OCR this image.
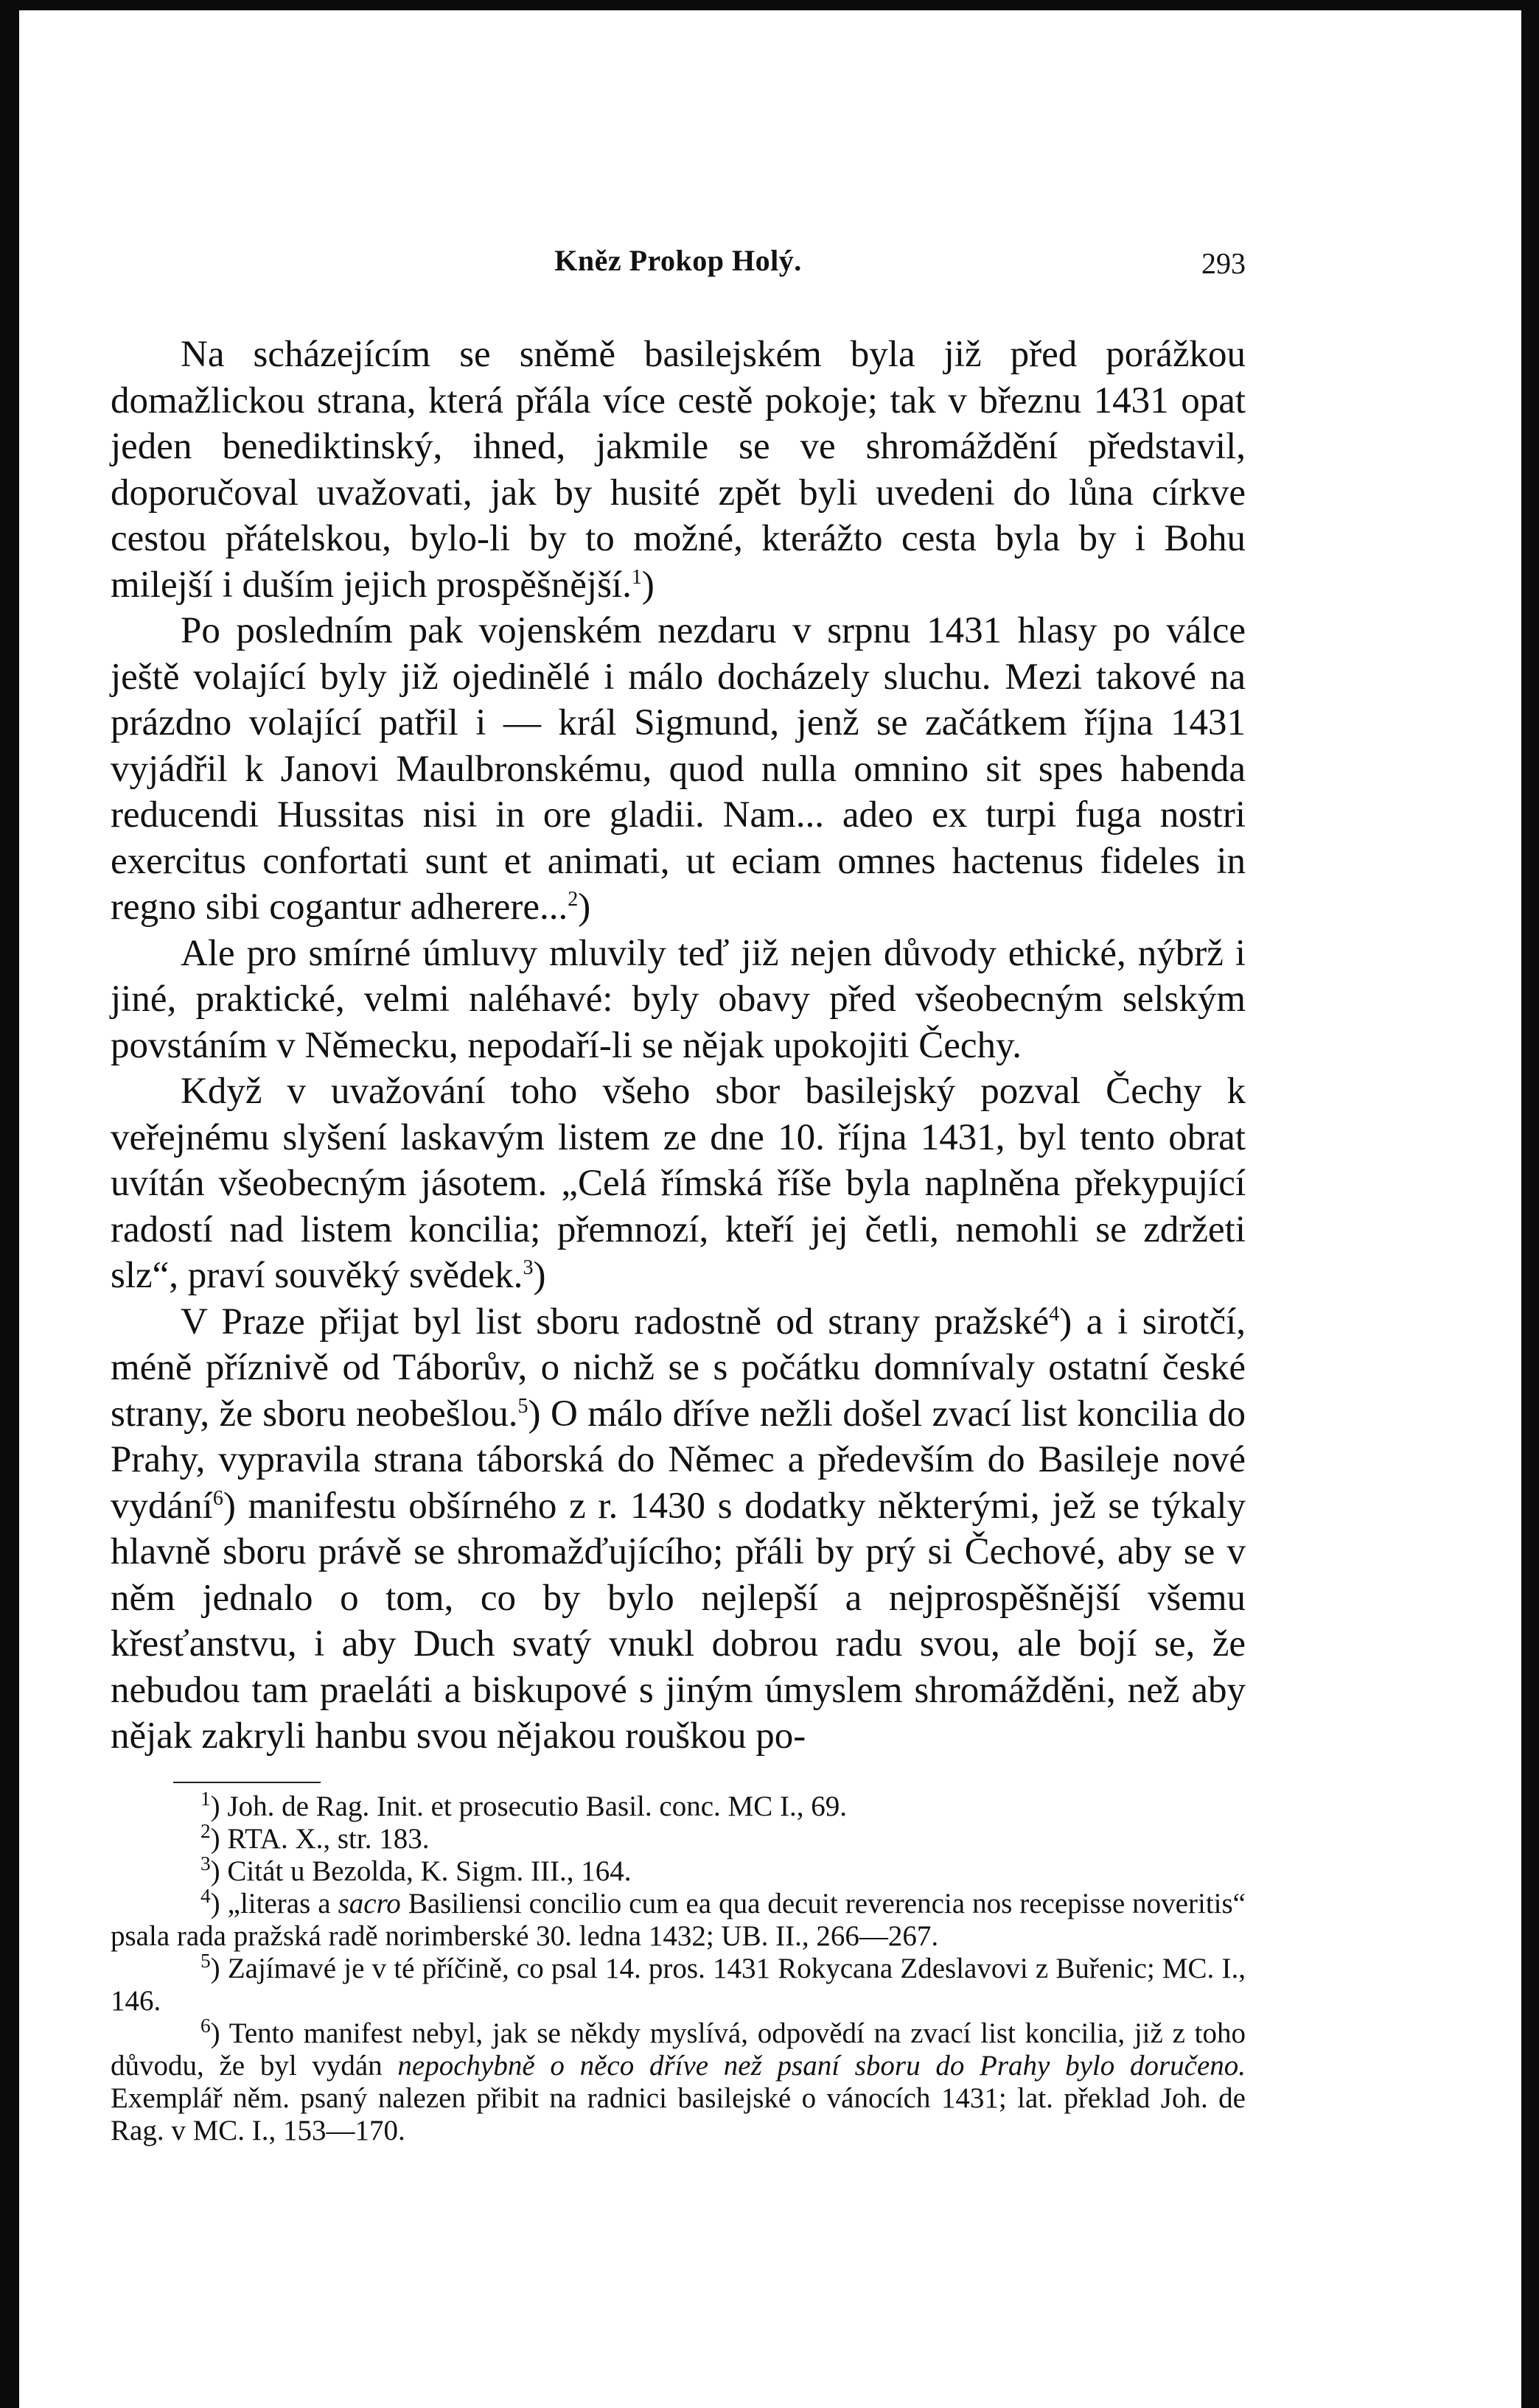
Kněz Prokop Holý.	293

Na scházejícím se sněmě basilejském byla již před porážkou domažlickou strana, která přála více cestě pokoje; tak v březnu 1431 opat jeden benediktinský, ihned, jakmile se ve shromáždění představil, doporučoval uvažovati, jak by husité zpět byli uvedeni do lůna církve cestou přátelskou, bylo-li by to možné, kterážto cesta byla by i Bohu milejší i duším jejich prospěšnější.$^1$)

Po posledním pak vojenském nezdaru v srpnu 1431 hlasy po válce ještě volající byly již ojedinělé i málo docházely sluchu. Mezi takové na prázdno volající patřil i — král Sigmund, jenž se začátkem října 1431 vyjádřil k Janovi Maulbronskému, quod nulla omnino sit spes habenda reducendi Hussitas nisi in ore gladii. Nam... adeo ex turpi fuga nostri exercitus confortati sunt et animati, ut eciam omnes hactenus fideles in regno sibi cogantur adherere...$^2$)

Ale pro smírné úmluvy mluvily teď již nejen důvody ethické, nýbrž i jiné, praktické, velmi naléhavé: byly obavy před všeobecným selským povstáním v Německu, nepodaří-li se nějak upokojiti Čechy.

Když v uvažování toho všeho sbor basilejský pozval Čechy k veřejnému slyšení laskavým listem ze dne 10. října 1431, byl tento obrat uvítán všeobecným jásotem. „Celá římská říše byla naplněna překypující radostí nad listem koncilia; přemnozí, kteří jej četli, nemohli se zdržeti slz“, praví souvěký svědek.$^3$)

V Praze přijat byl list sboru radostně od strany pražské$^4$) a i sirotčí, méně příznivě od Táborův, o nichž se s počátku domnívaly ostatní české strany, že sboru neobešlou.$^5$) O málo dříve nežli došel zvací list koncilia do Prahy, vypravila strana táborská do Němec a především do Basileje nové vydání$^6$) manifestu obšírného z r. 1430 s dodatky některými, jež se týkaly hlavně sboru právě se shromažďujícího; přáli by prý si Čechové, aby se v něm jednalo o tom, co by bylo nejlepší a nejprospěšnější všemu křesťanstvu, i aby Duch svatý vnukl dobrou radu svou, ale bojí se, že nebudou tam praeláti a biskupové s jiným úmyslem shromážděni, než aby nějak zakryli hanbu svou nějakou rouškou po-

$^1$) Joh. de Rag. Init. et prosecutio Basil. conc. MC I., 69.

$^2$) RTA. X., str. 183.

$^3$) Citát u Bezolda, K. Sigm. III., 164.

$^4$) „literas a sacro Basiliensi concilio cum ea qua decuit reverencia nos recepisse noveritis“ psala rada pražská radě norimberské 30. ledna 1432; UB. II., 266—267.

$^5$) Zajímavé je v té příčině, co psal 14. pros. 1431 Rokycana Zdeslavovi z Buřenic; MC. I., 146.

$^6$) Tento manifest nebyl, jak se někdy myslívá, odpovědí na zvací list koncilia, již z toho důvodu, že byl vydán nepochybně o něco dříve než psaní sboru do Prahy bylo doručeno. Exemplář něm. psaný nalezen přibit na radnici basilejské o vánocích 1431; lat. překlad Joh. de Rag. v MC. I., 153—170.
